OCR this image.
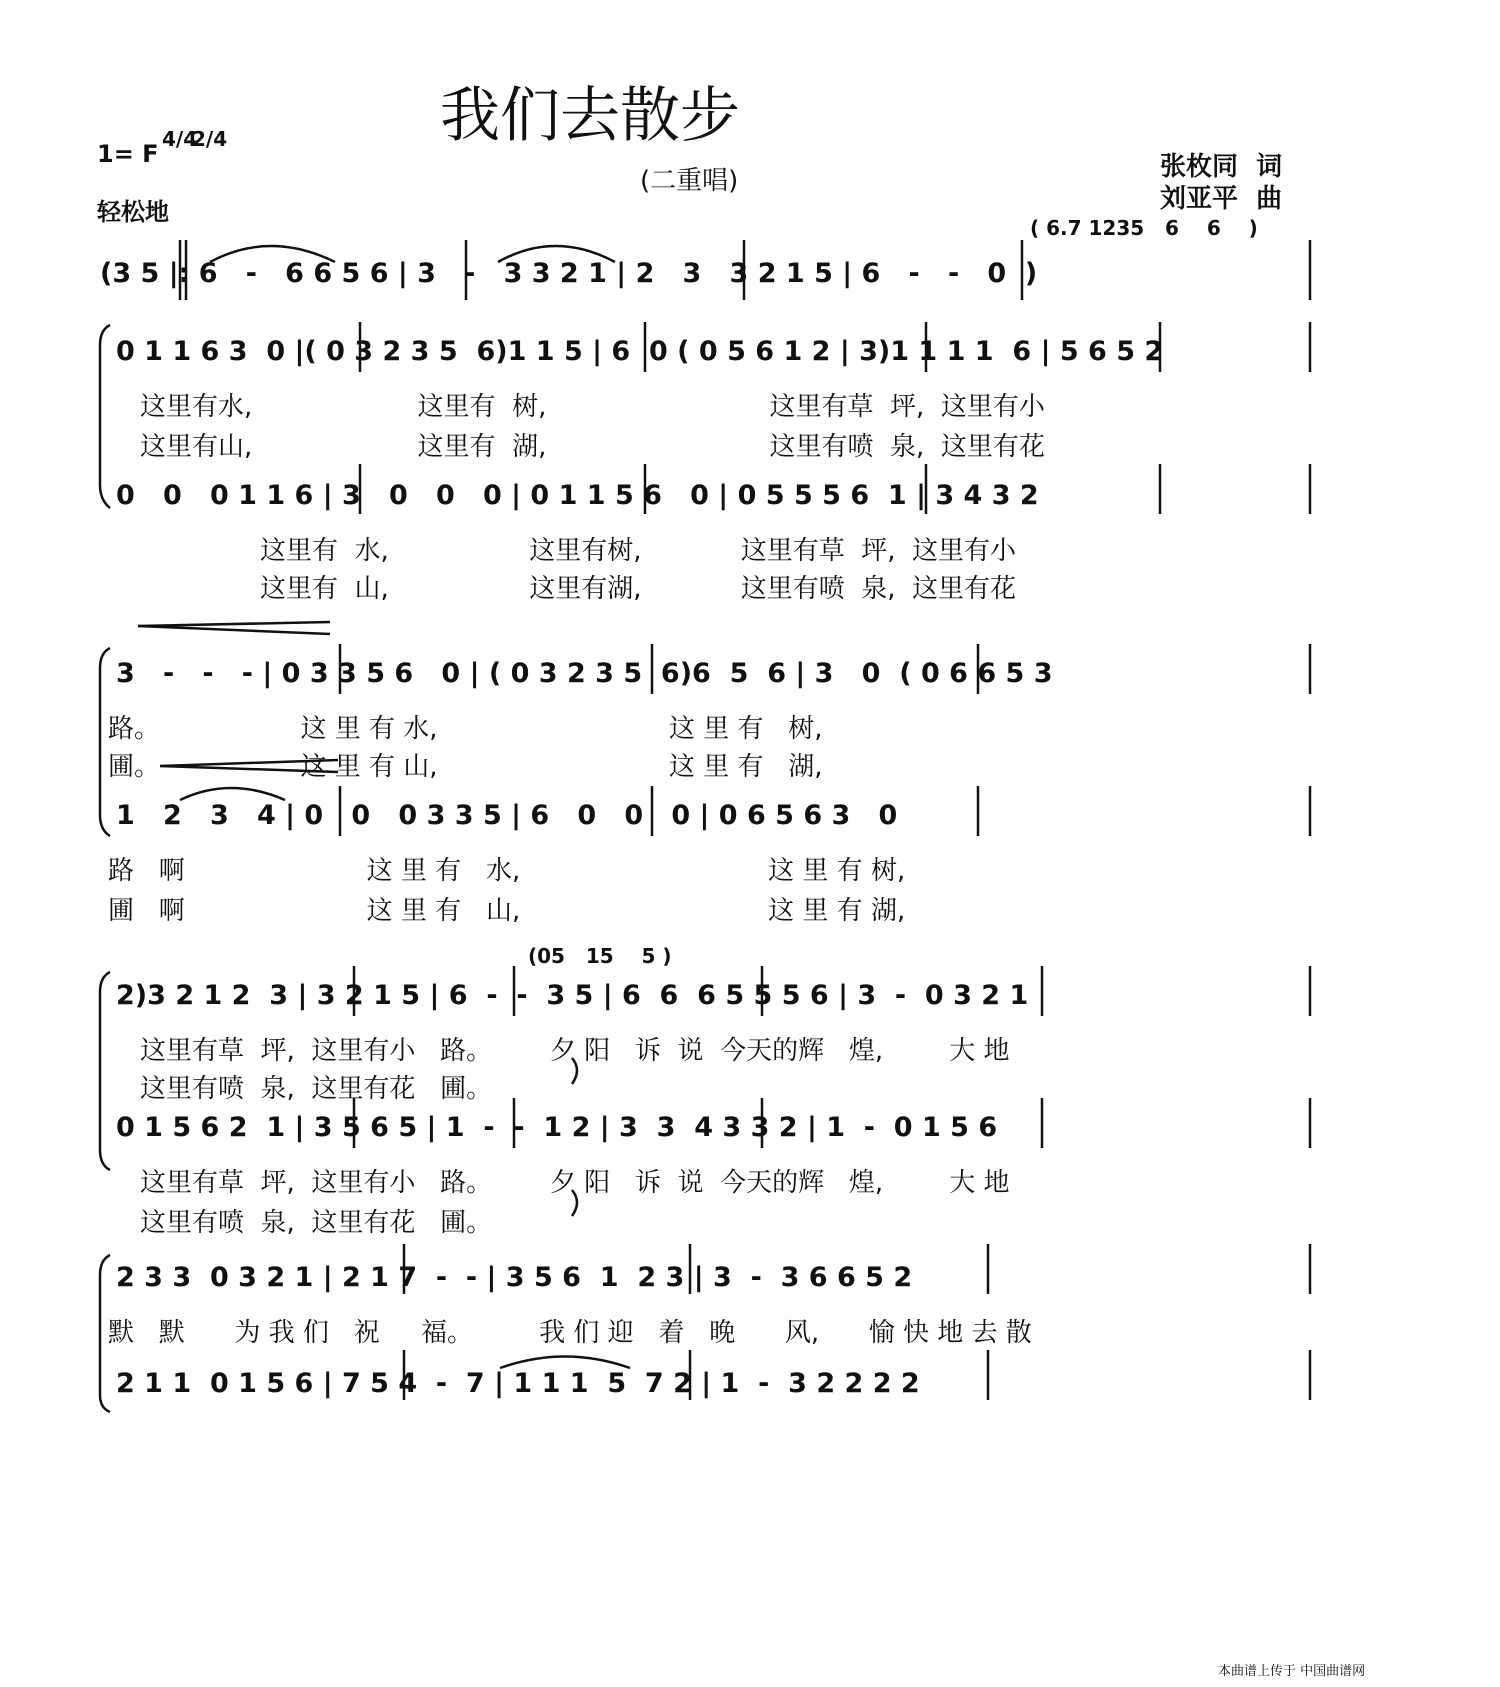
我们去散步
1= F
4/4
2/4
轻松地
(二重唱)	张枚同  词
刘亚平  曲
( 6.7 1235   6    6    )
(3 5 |: 6   -   6 6 5 6 | 3   -   3 3 2 1 | 2   3   3 2 1 5 | 6   -   -   0  )
0 1 1 6 3  0 |( 0 3 2 3 5  6)1 1 5 | 6  0 ( 0 5 6 1 2 | 3)1 1 1 1  6 | 5 6 5 2
这里有水,                    这里有  树,                           这里有草  坪,  这里有小
这里有山,                    这里有  湖,                           这里有喷  泉,  这里有花
0   0   0 1 1 6 | 3   0   0   0 | 0 1 1 5 6   0 | 0 5 5 5 6  1 | 3 4 3 2
这里有  水,                 这里有树,            这里有草  坪,  这里有小
这里有  山,                 这里有湖,            这里有喷  泉,  这里有花
3   -   -   - | 0 3 3 5 6   0 | ( 0 3 2 3 5  6)6  5  6 | 3   0  ( 0 6 6 5 3
路。                 这 里 有 水,                            这 里 有   树,
圃。                 这 里 有 山,                            这 里 有   湖,
1   2   3   4 | 0   0   0 3 3 5 | 6   0   0   0 | 0 6 5 6 3   0
路   啊                      这 里 有   水,                              这 里 有 树,
圃   啊                      这 里 有   山,                              这 里 有 湖,
(05   15    5 )
2)3 2 1 2  3 | 3 2 1 5 | 6  -  -  3 5 | 6  6  6 5 5 5 6 | 3  -  0 3 2 1
这里有草  坪,  这里有小   路。       夕 阳   诉  说  今天的辉   煌,        大 地
这里有喷  泉,  这里有花   圃。
0 1 5 6 2  1 | 3 5 6 5 | 1  -  -  1 2 | 3  3  4 3 3 2 | 1  -  0 1 5 6
这里有草  坪,  这里有小   路。       夕 阳   诉  说  今天的辉   煌,        大 地
这里有喷  泉,  这里有花   圃。
2 3 3  0 3 2 1 | 2 1 7  -  - | 3 5 6  1  2 3 | 3  -  3 6 6 5 2
默   默      为 我 们   祝     福。        我 们 迎   着   晚      风,      愉 快 地 去 散
2 1 1  0 1 5 6 | 7 5 4  -  7 | 1 1 1  5  7 2 | 1  -  3 2 2 2 2
本曲谱上传于 中国曲谱网
